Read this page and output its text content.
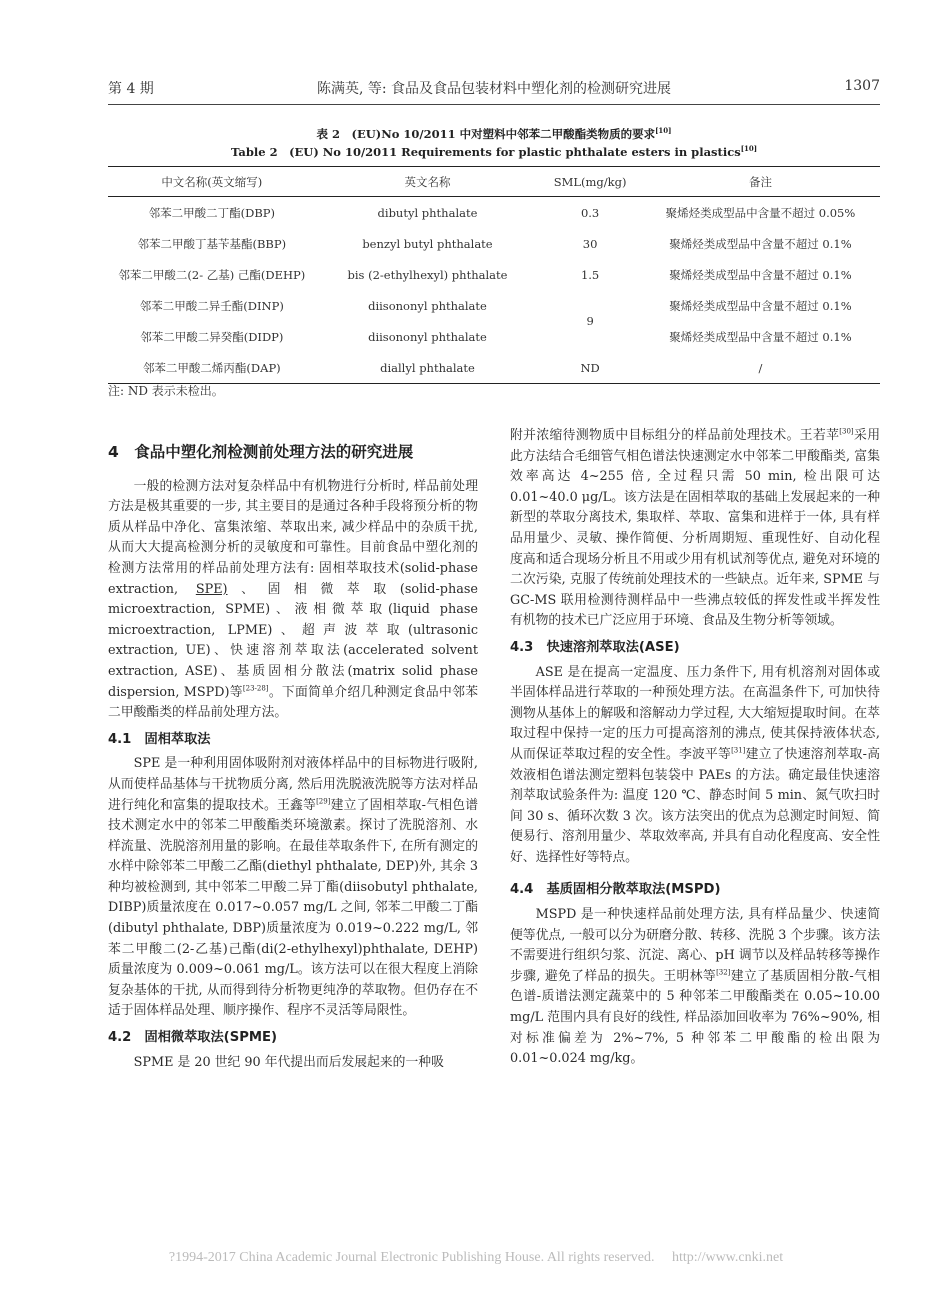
第 4 期	陈满英, 等: 食品及食品包装材料中塑化剂的检测研究进展	1307
表 2　(EU)No 10/2011 中对塑料中邻苯二甲酸酯类物质的要求[10]
Table 2　(EU) No 10/2011 Requirements for plastic phthalate esters in plastics[10]
中文名称(英文缩写)	英文名称	SML(mg/kg)	备注
邻苯二甲酸二丁酯(DBP)	dibutyl phthalate	0.3	聚烯烃类成型品中含量不超过 0.05%
邻苯二甲酸丁基苄基酯(BBP)	benzyl butyl phthalate	30	聚烯烃类成型品中含量不超过 0.1%
邻苯二甲酸二(2- 乙基) 己酯(DEHP)	bis (2-ethylhexyl) phthalate	1.5	聚烯烃类成型品中含量不超过 0.1%
邻苯二甲酸二异壬酯(DINP)	diisononyl phthalate	9	聚烯烃类成型品中含量不超过 0.1%
邻苯二甲酸二异癸酯(DIDP)	diisononyl phthalate		聚烯烃类成型品中含量不超过 0.1%
邻苯二甲酸二烯丙酯(DAP)	diallyl phthalate	ND	/
注: ND 表示未检出。
4　食品中塑化剂检测前处理方法的研究进展

一般的检测方法对复杂样品中有机物进行分析时, 样品前处理方法是极其重要的一步, 其主要目的是通过各种手段将预分析的物质从样品中净化、富集浓缩、萃取出来, 减少样品中的杂质干扰, 从而大大提高检测分析的灵敏度和可靠性。目前食品中塑化剂的检测方法常用的样品前处理方法有: 固相萃取技术(solid-phase extraction, SPE)、固相微萃取(solid-phase microextraction, SPME)、液相微萃取(liquid phase microextraction, LPME)、超声波萃取(ultrasonic extraction, UE)、快速溶剂萃取法(accelerated solvent extraction, ASE)、基质固相分散法(matrix solid phase dispersion, MSPD)等[23-28]。下面简单介绍几种测定食品中邻苯二甲酸酯类的样品前处理方法。

4.1　固相萃取法

SPE 是一种利用固体吸附剂对液体样品中的目标物进行吸附, 从而使样品基体与干扰物质分离, 然后用洗脱液洗脱等方法对样品进行纯化和富集的提取技术。王鑫等[29]建立了固相萃取-气相色谱技术测定水中的邻苯二甲酸酯类环境激素。探讨了洗脱溶剂、水样流量、洗脱溶剂用量的影响。在最佳萃取条件下, 在所有测定的水样中除邻苯二甲酸二乙酯(diethyl phthalate, DEP)外, 其余 3 种均被检测到, 其中邻苯二甲酸二异丁酯(diisobutyl phthalate, DIBP)质量浓度在 0.017~0.057 mg/L 之间, 邻苯二甲酸二丁酯(dibutyl phthalate, DBP)质量浓度为 0.019~0.222 mg/L, 邻苯二甲酸二(2-乙基)己酯(di(2-ethylhexyl)phthalate, DEHP)质量浓度为 0.009~0.061 mg/L。该方法可以在很大程度上消除复杂基体的干扰, 从而得到待分析物更纯净的萃取物。但仍存在不适于固体样品处理、顺序操作、程序不灵活等局限性。

4.2　固相微萃取法(SPME)

SPME 是 20 世纪 90 年代提出而后发展起来的一种吸

附并浓缩待测物质中目标组分的样品前处理技术。王若苹[30]采用此方法结合毛细管气相色谱法快速测定水中邻苯二甲酸酯类, 富集效率高达 4~255 倍, 全过程只需 50 min, 检出限可达 0.01~40.0 μg/L。该方法是在固相萃取的基础上发展起来的一种新型的萃取分离技术, 集取样、萃取、富集和进样于一体, 具有样品用量少、灵敏、操作简便、分析周期短、重现性好、自动化程度高和适合现场分析且不用或少用有机试剂等优点, 避免对环境的二次污染, 克服了传统前处理技术的一些缺点。近年来, SPME 与 GC-MS 联用检测待测样品中一些沸点较低的挥发性或半挥发性有机物的技术已广泛应用于环境、食品及生物分析等领域。

4.3　快速溶剂萃取法(ASE)

ASE 是在提高一定温度、压力条件下, 用有机溶剂对固体或半固体样品进行萃取的一种预处理方法。在高温条件下, 可加快待测物从基体上的解吸和溶解动力学过程, 大大缩短提取时间。在萃取过程中保持一定的压力可提高溶剂的沸点, 使其保持液体状态, 从而保证萃取过程的安全性。李波平等[31]建立了快速溶剂萃取-高效液相色谱法测定塑料包装袋中 PAEs 的方法。确定最佳快速溶剂萃取试验条件为: 温度 120 ℃、静态时间 5 min、氮气吹扫时间 30 s、循环次数 3 次。该方法突出的优点为总测定时间短、简便易行、溶剂用量少、萃取效率高, 并具有自动化程度高、安全性好、选择性好等特点。

4.4　基质固相分散萃取法(MSPD)

MSPD 是一种快速样品前处理方法, 具有样品量少、快速简便等优点, 一般可以分为研磨分散、转移、洗脱 3 个步骤。该方法不需要进行组织匀浆、沉淀、离心、pH 调节以及样品转移等操作步骤, 避免了样品的损失。王明林等[32]建立了基质固相分散-气相色谱-质谱法测定蔬菜中的 5 种邻苯二甲酸酯类在 0.05~10.00 mg/L 范围内具有良好的线性, 样品添加回收率为 76%~90%, 相对标准偏差为 2%~7%, 5 种邻苯二甲酸酯的检出限为 0.01~0.024 mg/kg。

?1994-2017 China Academic Journal Electronic Publishing House. All rights reserved.　 http://www.cnki.net
